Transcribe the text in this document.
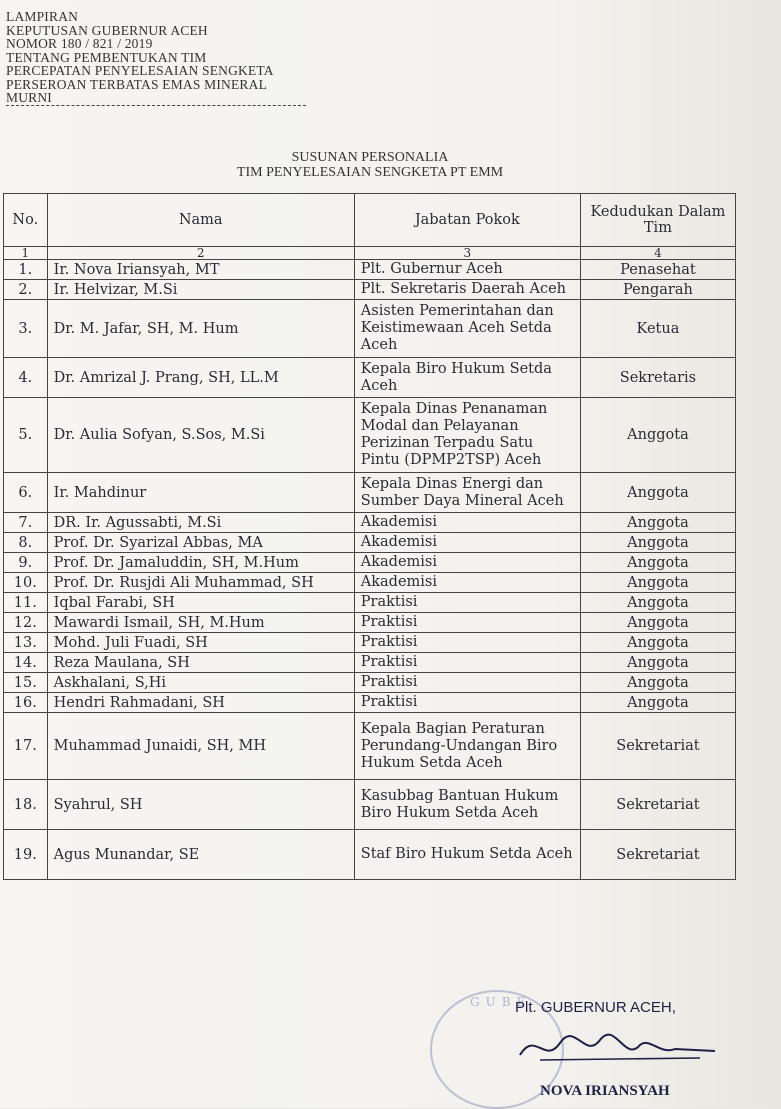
LAMPIRAN
KEPUTUSAN GUBERNUR ACEH
NOMOR 180 / 821 / 2019
TENTANG PEMBENTUKAN TIM
PERCEPATAN PENYELESAIAN SENGKETA
PERSEROAN TERBATAS EMAS MINERAL
MURNI
SUSUNAN PERSONALIA
TIM PENYELESAIAN SENGKETA PT EMM
No.	Nama	Jabatan Pokok	Kedudukan Dalam Tim
1	2	3	4
1.	Ir. Nova Iriansyah, MT	Plt. Gubernur Aceh	Penasehat
2.	Ir. Helvizar, M.Si	Plt. Sekretaris Daerah Aceh	Pengarah
3.	Dr. M. Jafar, SH, M. Hum	Asisten Pemerintahan dan Keistimewaan Aceh Setda Aceh	Ketua
4.	Dr. Amrizal J. Prang, SH, LL.M	Kepala Biro Hukum Setda Aceh	Sekretaris
5.	Dr. Aulia Sofyan, S.Sos, M.Si	Kepala Dinas Penanaman Modal dan Pelayanan Perizinan Terpadu Satu Pintu (DPMP2TSP) Aceh	Anggota
6.	Ir. Mahdinur	Kepala Dinas Energi dan Sumber Daya Mineral Aceh	Anggota
7.	DR. Ir. Agussabti, M.Si	Akademisi	Anggota
8.	Prof. Dr. Syarizal Abbas, MA	Akademisi	Anggota
9.	Prof. Dr. Jamaluddin, SH, M.Hum	Akademisi	Anggota
10.	Prof. Dr. Rusjdi Ali Muhammad, SH	Akademisi	Anggota
11.	Iqbal Farabi, SH	Praktisi	Anggota
12.	Mawardi Ismail, SH, M.Hum	Praktisi	Anggota
13.	Mohd. Juli Fuadi, SH	Praktisi	Anggota
14.	Reza Maulana, SH	Praktisi	Anggota
15.	Askhalani, S,Hi	Praktisi	Anggota
16.	Hendri Rahmadani, SH	Praktisi	Anggota
17.	Muhammad Junaidi, SH, MH	Kepala Bagian Peraturan Perundang-Undangan Biro Hukum Setda Aceh	Sekretariat
18.	Syahrul, SH	Kasubbag Bantuan Hukum Biro Hukum Setda Aceh	Sekretariat
19.	Agus Munandar, SE	Staf Biro Hukum Setda Aceh	Sekretariat
GUBE
Plt. GUBERNUR ACEH,
NOVA IRIANSYAH
